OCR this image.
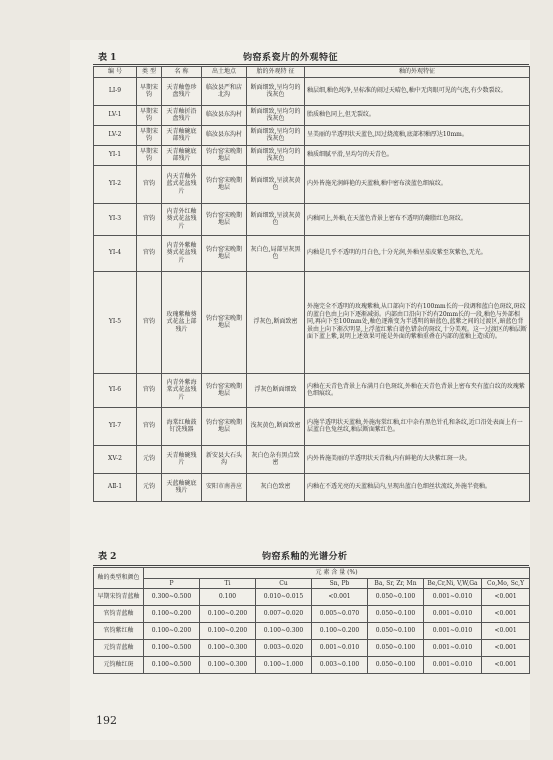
表 1	钧窑系瓷片的外观特征
编 号	类 型	名 称	出土地点	胎的外观特 征	釉的外观特征
LI-9	早期宋钧	天青釉鲁珍盘残片	临汝县严和店北沟	断面细致,呈均匀的浅灰色	釉层细,釉色纯净,呈标准的闹过天晴色,釉中无肉眼可见的气泡,有少数裂纹。
LV-1	早期宋钧	天青釉折沿盘残片	临汝县东沟村	断面细致,呈均匀的浅灰色	胎质釉色同上,但无裂纹。
LV-2	早期宋钧	天青釉碗底部残片	临汝县东沟村	断面细致,呈均匀的浅灰色	呈美丽的半透明状天蓝色,因过烧流釉,底部积釉厚达10mm。
YI-1	早期宋钧	天青釉碗底部残片	钧台窑宋晚期地层	断面细致,呈均匀的浅灰色	釉质细腻平滑,呈均匀的天青色。
YI-2	官钧	内天青釉外蓝式花盆残片	钧台窑宋晚期地层	断面细致,呈淡灰黄色	内外皆施光润鲜艳的天蓝釉,釉中密布淡蓝色细痕纹。
YI-3	官钧	内青外红釉葵式花盆残片	钧台窑宋晚期地层	断面细致,呈淡灰黄色	内釉同上,外釉,在天蓝色背景上密布不透明的翻脂红色斑纹。
YI-4	官钧	内青外紫釉葵式花盆残片	钧台窑宋晚期地层	灰白色,局部呈灰黑色	内釉是几乎不透明的月白色,十分光润,外釉呈茄皮紫至灰紫色,无光。
YI-5	官钧	玫瑰紫釉葵式花盆上部残片	钧台窑宋晚期地层	浮灰色,断面致密	外施完全不透明的玫瑰紫釉,从口部向下约有100mm长的一段调和蓝白色斑纹,斑纹的蓝白色由上向下逐渐减弱。内部由口沿向下约有20mm长的一段,釉色与外部相同,再向下至100mm处,釉色逐渐变为半透明的暗蓝色,蓝紫之间的过渡区,暗蓝色背景由上向下渐次明显,上浮蓝红紫白谱色错杂的斑纹,十分美观。这一过渡区的釉层断面下蓝上紫,说明上述效果可能是外面的紫釉重叠在内部的蓝釉上造成的。
YI-6	官钧	内青外紫海棠式花盆残片	钧台窑宋晚期地层	浮灰色断面细致	内釉在天青色背景上布满月白色斑纹,外釉在天青色背景上密布夹有蓝白纹的玫瑰紫色细痕纹。
YI-7	官钧	海棠红釉鼓钉洗残器	钧台窑宋晚期地层	浅灰黄色,断面致密	内施半透明状天蓝釉,外施海棠红釉,红中杂有黑色针孔和条纹,近口沿处表面上有一层蓝白色兔丝纹,釉层断面紫红色。
XV-2	元钧	天青釉碗残片	新安县大石头沟	灰白色杂有黑点致密	内外皆施美丽的半透明状天青釉,内有鲜艳的大块紫红斑一块。
AⅡ-1	元钧	天蓝釉碗底残片	安阳市南善应	灰白色致密	内釉在不透光亮的天蓝釉层内,呈现出蓝白色细丝状流纹,外施半瓷釉。
表 2	钧窑系釉的光谱分析
釉的类型和颜色	元 素 含 量 (%)						
	P	Ti	Cu	Sn, Pb	Ba, Sr, Zr, Mn	Be,Cr,Ni, V,W,Ga	Co,Mo, Sc,Y
早期宋钧青蓝釉	0.300~0.500	0.100	0.010~0.015	<0.001	0.050~0.100	0.001~0.010	<0.001
官钧青蓝釉	0.100~0.200	0.100~0.200	0.007~0.020	0.005~0.070	0.050~0.100	0.001~0.010	<0.001
官钧紫红釉	0.100~0.200	0.100~0.200	0.100~0.300	0.100~0.200	0.050~0.100	0.001~0.010	<0.001
元钧青蓝釉	0.100~0.500	0.100~0.300	0.003~0.020	0.001~0.010	0.050~0.100	0.001~0.010	<0.001
元钧釉红斑	0.100~0.500	0.100~0.300	0.100~1.000	0.003~0.100	0.050~0.100	0.001~0.010	<0.001
192
